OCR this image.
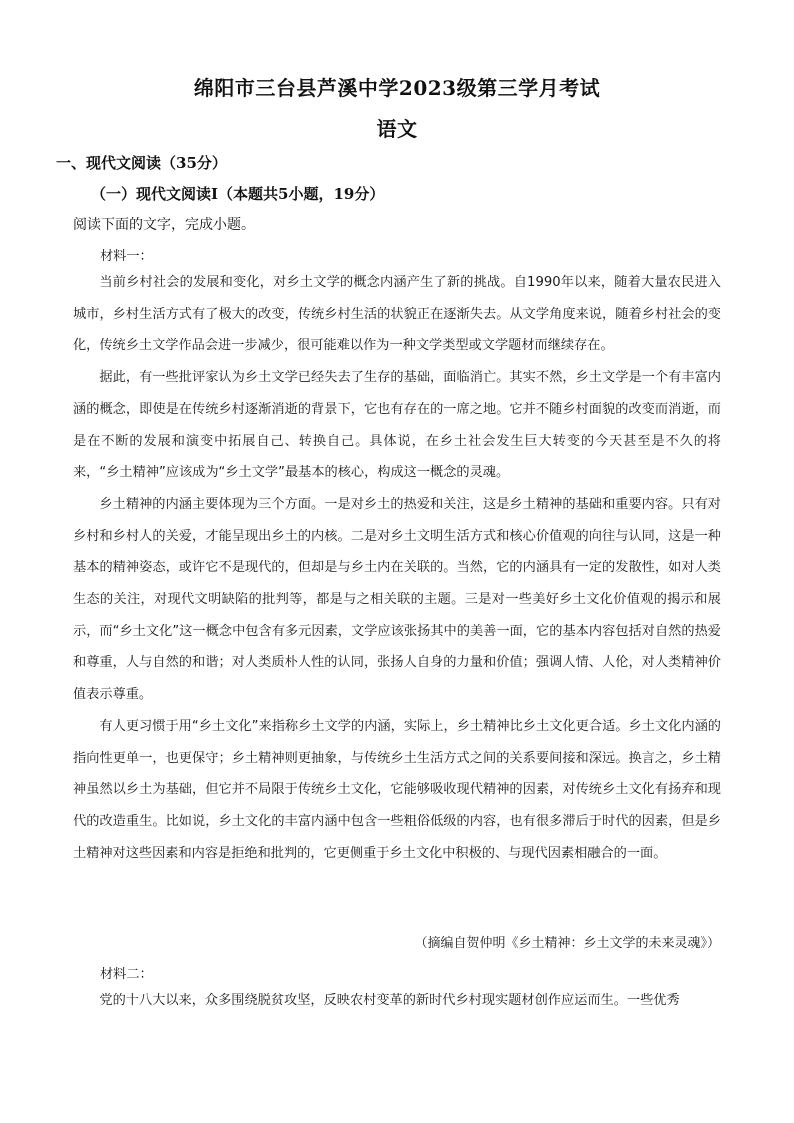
绵阳市三台县芦溪中学2023级第三学月考试
语文
一、现代文阅读（35分）
（一）现代文阅读Ⅰ（本题共5小题，19分）
阅读下面的文字，完成小题。
材料一：

当前乡村社会的发展和变化，对乡土文学的概念内涵产生了新的挑战。自1990年以来，随着大量农民进入城市，乡村生活方式有了极大的改变，传统乡村生活的状貌正在逐渐失去。从文学角度来说，随着乡村社会的变化，传统乡土文学作品会进一步减少，很可能难以作为一种文学类型或文学题材而继续存在。

据此，有一些批评家认为乡土文学已经失去了生存的基础，面临消亡。其实不然，乡土文学是一个有丰富内涵的概念，即使是在传统乡村逐渐消逝的背景下，它也有存在的一席之地。它并不随乡村面貌的改变而消逝，而是在不断的发展和演变中拓展自己、转换自己。具体说，在乡土社会发生巨大转变的今天甚至是不久的将来，“乡土精神”应该成为“乡土文学”最基本的核心，构成这一概念的灵魂。

乡土精神的内涵主要体现为三个方面。一是对乡土的热爱和关注，这是乡土精神的基础和重要内容。只有对乡村和乡村人的关爱，才能呈现出乡土的内核。二是对乡土文明生活方式和核心价值观的向往与认同，这是一种基本的精神姿态，或许它不是现代的，但却是与乡土内在关联的。当然，它的内涵具有一定的发散性，如对人类生态的关注，对现代文明缺陷的批判等，都是与之相关联的主题。三是对一些美好乡土文化价值观的揭示和展示，而“乡土文化”这一概念中包含有多元因素，文学应该张扬其中的美善一面，它的基本内容包括对自然的热爱和尊重，人与自然的和谐；对人类质朴人性的认同，张扬人自身的力量和价值；强调人情、人伦，对人类精神价值表示尊重。

有人更习惯于用“乡土文化”来指称乡土文学的内涵，实际上，乡土精神比乡土文化更合适。乡土文化内涵的指向性更单一，也更保守；乡土精神则更抽象，与传统乡土生活方式之间的关系要间接和深远。换言之，乡土精神虽然以乡土为基础，但它并不局限于传统乡土文化，它能够吸收现代精神的因素，对传统乡土文化有扬弃和现代的改造重生。比如说，乡土文化的丰富内涵中包含一些粗俗低级的内容，也有很多滞后于时代的因素，但是乡土精神对这些因素和内容是拒绝和批判的，它更侧重于乡土文化中积极的、与现代因素相融合的一面。

（摘编自贺仲明《乡土精神：乡土文学的未来灵魂》）
材料二：

党的十八大以来，众多围绕脱贫攻坚，反映农村变革的新时代乡村现实题材创作应运而生。一些优秀
